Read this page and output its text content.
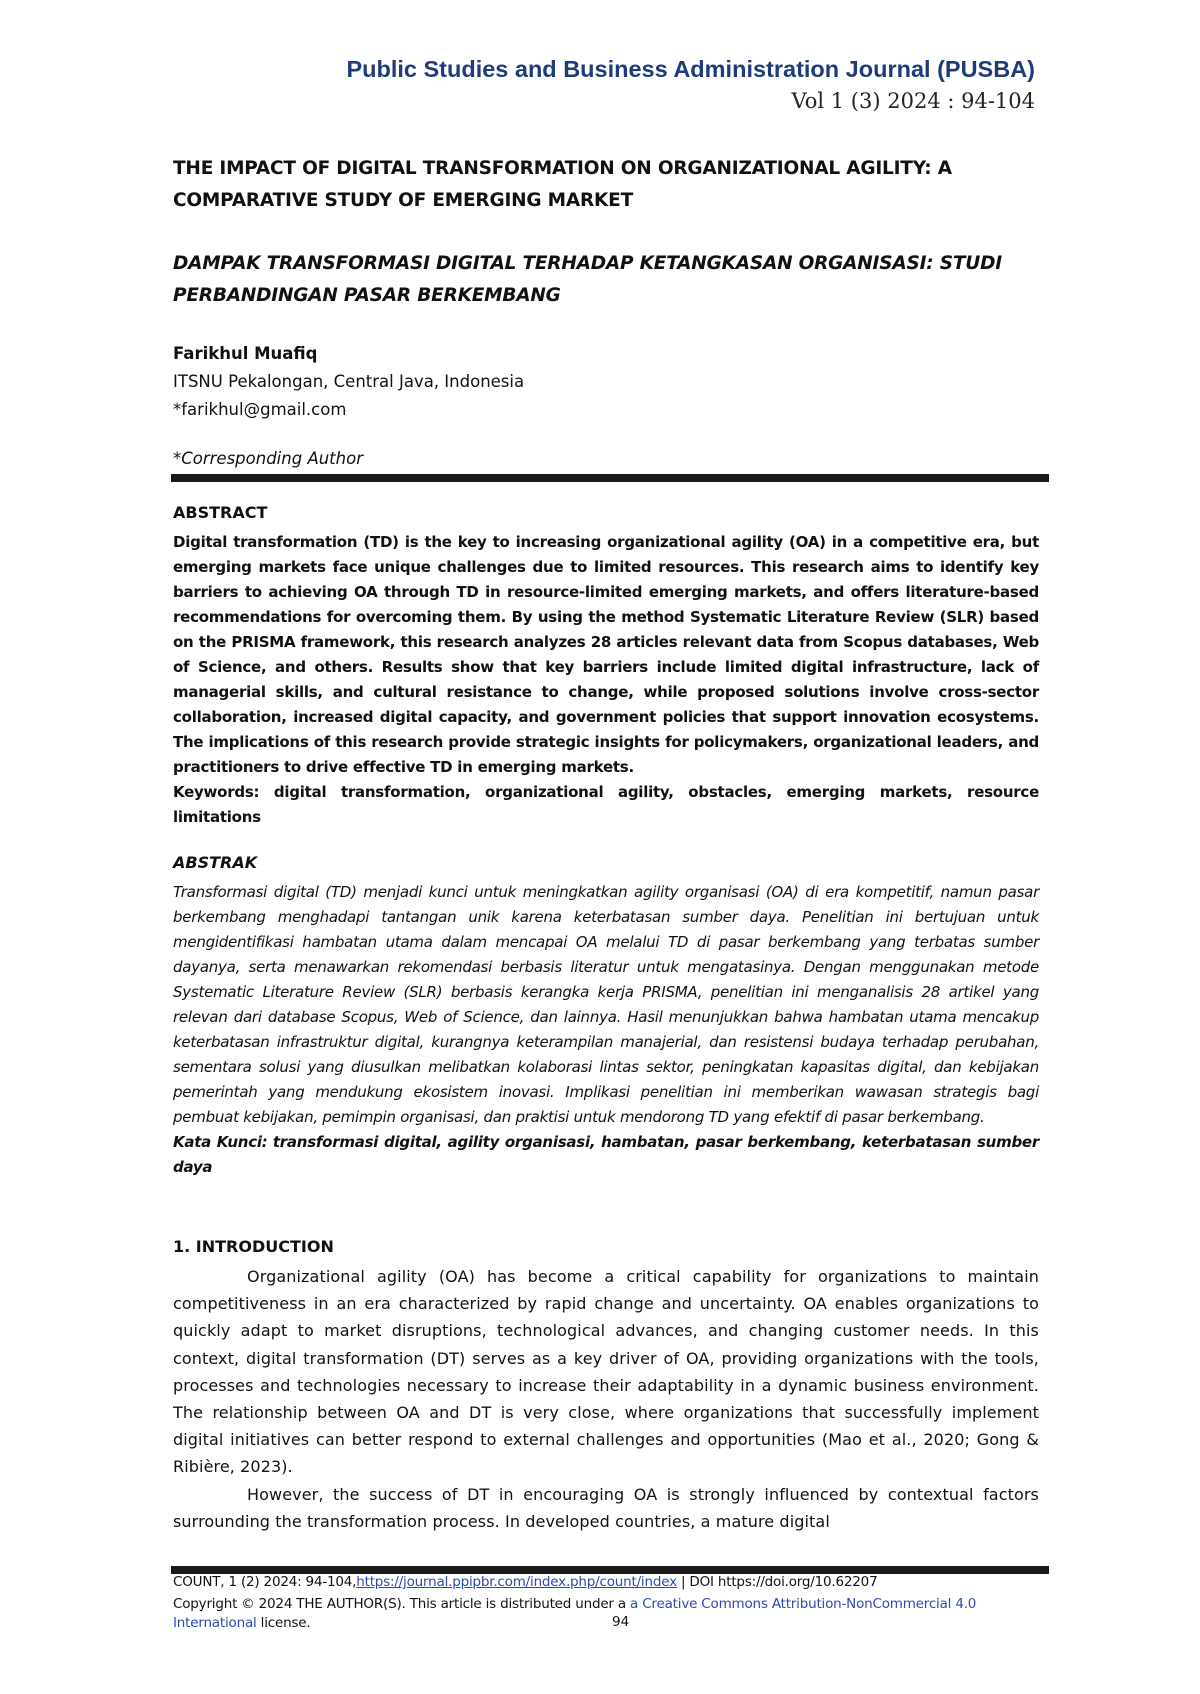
Public Studies and Business Administration Journal (PUSBA)
Vol 1 (3) 2024 : 94-104
THE IMPACT OF DIGITAL TRANSFORMATION ON ORGANIZATIONAL AGILITY: A COMPARATIVE STUDY OF EMERGING MARKET
DAMPAK TRANSFORMASI DIGITAL TERHADAP KETANGKASAN ORGANISASI: STUDI PERBANDINGAN PASAR BERKEMBANG
Farikhul Muafiq
ITSNU Pekalongan, Central Java, Indonesia
*farikhul@gmail.com
*Corresponding Author
ABSTRACT
Digital transformation (TD) is the key to increasing organizational agility (OA) in a competitive era, but emerging markets face unique challenges due to limited resources. This research aims to identify key barriers to achieving OA through TD in resource-limited emerging markets, and offers literature-based recommendations for overcoming them. By using the method Systematic Literature Review (SLR) based on the PRISMA framework, this research analyzes 28 articles relevant data from Scopus databases, Web of Science, and others. Results show that key barriers include limited digital infrastructure, lack of managerial skills, and cultural resistance to change, while proposed solutions involve cross-sector collaboration, increased digital capacity, and government policies that support innovation ecosystems. The implications of this research provide strategic insights for policymakers, organizational leaders, and practitioners to drive effective TD in emerging markets.
Keywords: digital transformation, organizational agility, obstacles, emerging markets, resource limitations
ABSTRAK
Transformasi digital (TD) menjadi kunci untuk meningkatkan agility organisasi (OA) di era kompetitif, namun pasar berkembang menghadapi tantangan unik karena keterbatasan sumber daya. Penelitian ini bertujuan untuk mengidentifikasi hambatan utama dalam mencapai OA melalui TD di pasar berkembang yang terbatas sumber dayanya, serta menawarkan rekomendasi berbasis literatur untuk mengatasinya. Dengan menggunakan metode Systematic Literature Review (SLR) berbasis kerangka kerja PRISMA, penelitian ini menganalisis 28 artikel yang relevan dari database Scopus, Web of Science, dan lainnya. Hasil menunjukkan bahwa hambatan utama mencakup keterbatasan infrastruktur digital, kurangnya keterampilan manajerial, dan resistensi budaya terhadap perubahan, sementara solusi yang diusulkan melibatkan kolaborasi lintas sektor, peningkatan kapasitas digital, dan kebijakan pemerintah yang mendukung ekosistem inovasi. Implikasi penelitian ini memberikan wawasan strategis bagi pembuat kebijakan, pemimpin organisasi, dan praktisi untuk mendorong TD yang efektif di pasar berkembang.
Kata Kunci: transformasi digital, agility organisasi, hambatan, pasar berkembang, keterbatasan sumber daya
1. INTRODUCTION

Organizational agility (OA) has become a critical capability for organizations to maintain competitiveness in an era characterized by rapid change and uncertainty. OA enables organizations to quickly adapt to market disruptions, technological advances, and changing customer needs. In this context, digital transformation (DT) serves as a key driver of OA, providing organizations with the tools, processes and technologies necessary to increase their adaptability in a dynamic business environment. The relationship between OA and DT is very close, where organizations that successfully implement digital initiatives can better respond to external challenges and opportunities (Mao et al., 2020; Gong & Ribière, 2023).

However, the success of DT in encouraging OA is strongly influenced by contextual factors surrounding the transformation process. In developed countries, a mature digital

COUNT, 1 (2) 2024: 94-104,https://journal.ppipbr.com/index.php/count/index | DOI https://doi.org/10.62207
Copyright © 2024 THE AUTHOR(S). This article is distributed under a a Creative Commons Attribution-NonCommercial 4.0 International license.	94
